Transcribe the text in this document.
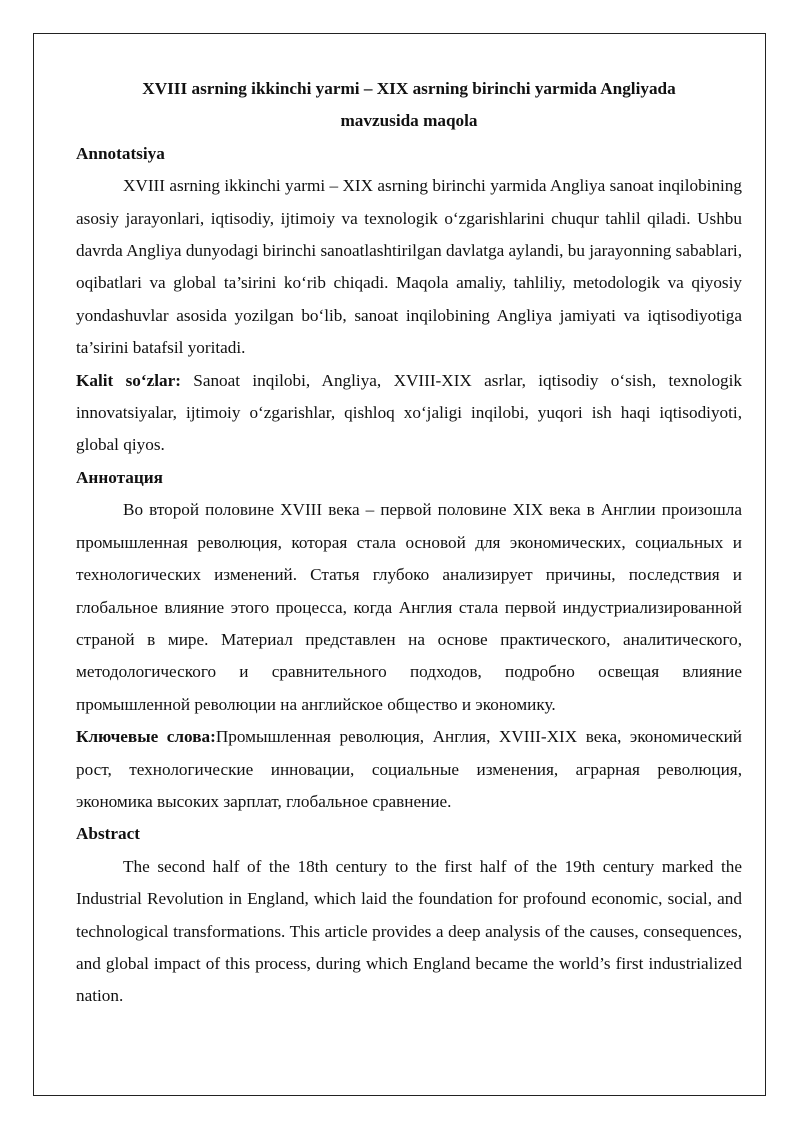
XVIII asrning ikkinchi yarmi – XIX asrning birinchi yarmida Angliyada mavzusida maqola

Annotatsiya

XVIII asrning ikkinchi yarmi – XIX asrning birinchi yarmida Angliya sanoat inqilobining asosiy jarayonlari, iqtisodiy, ijtimoiy va texnologik o‘zgarishlarini chuqur tahlil qiladi. Ushbu davrda Angliya dunyodagi birinchi sanoatlashtirilgan davlatga aylandi, bu jarayonning sabablari, oqibatlari va global ta’sirini ko‘rib chiqadi. Maqola amaliy, tahliliy, metodologik va qiyosiy yondashuvlar asosida yozilgan bo‘lib, sanoat inqilobining Angliya jamiyati va iqtisodiyotiga ta’sirini batafsil yoritadi.

Kalit so‘zlar: Sanoat inqilobi, Angliya, XVIII-XIX asrlar, iqtisodiy o‘sish, texnologik innovatsiyalar, ijtimoiy o‘zgarishlar, qishloq xo‘jaligi inqilobi, yuqori ish haqi iqtisodiyoti, global qiyos.

Аннотация

Во второй половине XVIII века – первой половине XIX века в Англии произошла промышленная революция, которая стала основой для экономических, социальных и технологических изменений. Статья глубоко анализирует причины, последствия и глобальное влияние этого процесса, когда Англия стала первой индустриализированной страной в мире. Материал представлен на основе практического, аналитического, методологического и сравнительного подходов, подробно освещая влияние промышленной революции на английское общество и экономику.

Ключевые слова:Промышленная революция, Англия, XVIII-XIX века, экономический рост, технологические инновации, социальные изменения, аграрная революция, экономика высоких зарплат, глобальное сравнение.

Abstract

The second half of the 18th century to the first half of the 19th century marked the Industrial Revolution in England, which laid the foundation for profound economic, social, and technological transformations. This article provides a deep analysis of the causes, consequences, and global impact of this process, during which England became the world’s first industrialized nation.
